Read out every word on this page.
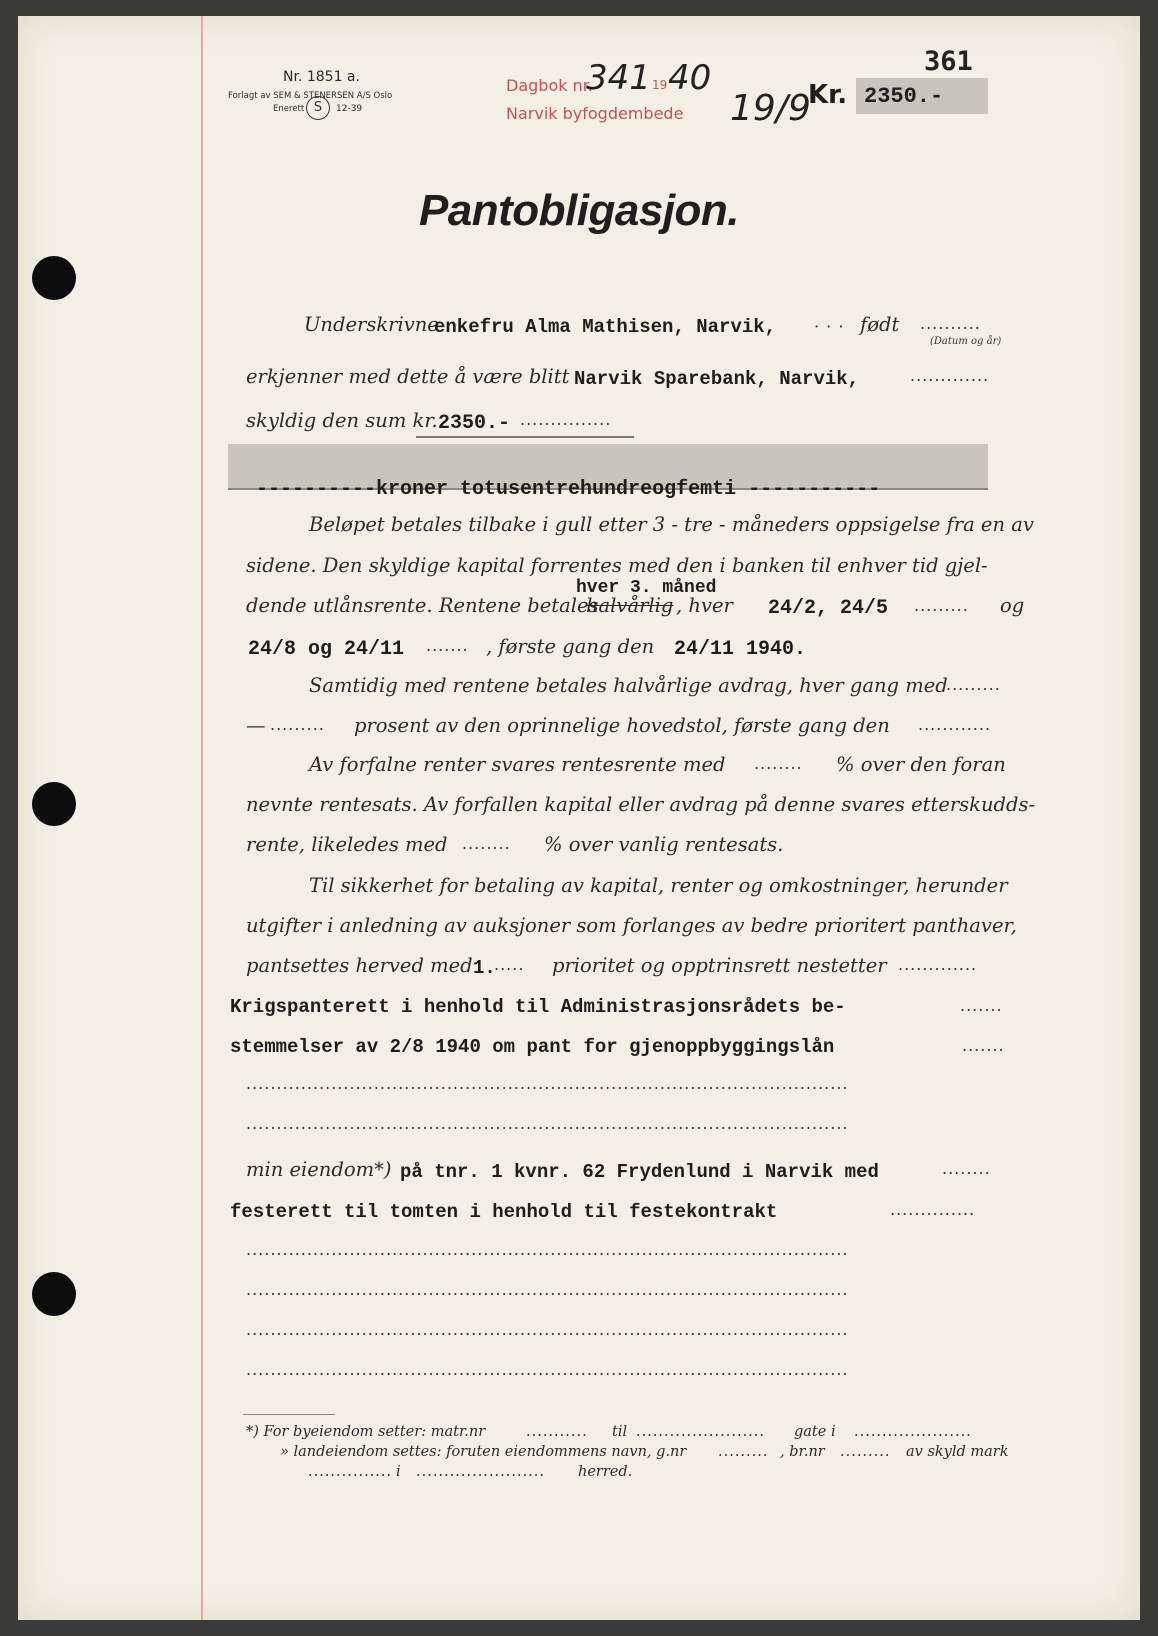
Nr. 1851 a.
Forlagt av SEM & STENERSEN A/S Oslo
Enerett S	12-39
Dagbok nr.
341 19 40
Narvik byfogdembede 19/9
Kr. 2350.-
361
Pantobligasjon.
Underskrivne
enkefru Alma Mathisen, Narvik, · · · født ..........
(Datum og år)
erkjenner med dette å være blitt Narvik Sparebank, Narvik,	.............
skyldig den sum kr. 2350.- ...............
----------kroner totusentrehundreogfemti -----------
Beløpet betales tilbake i gull etter 3 - tre - måneders oppsigelse fra en av
sidene. Den skyldige kapital forrentes med den i banken til enhver tid gjel-
dende utlånsrente. Rentene betales
hver 3. måned
halvårlig , hver 24/2, 24/5 ......... og
24/8 og 24/11 ....... , første gang den 24/11 1940.
Samtidig med rentene betales halvårlige avdrag, hver gang med
.........
— ......... prosent av den oprinnelige hovedstol, første gang den ............
Av forfalne renter svares rentesrente med ........ % over den foran
nevnte rentesats. Av forfallen kapital eller avdrag på denne svares etterskudds-
rente, likeledes med ........ % over vanlig rentesats.
Til sikkerhet for betaling av kapital, renter og omkostninger, herunder
utgifter i anledning av auksjoner som forlanges av bedre prioritert panthaver,
pantsettes herved med 1.
..... prioritet og opptrinsrett nestetter .............
Krigspanterett i henhold til Administrasjonsrådets be-	.......
stemmelser av 2/8 1940 om pant for gjenoppbyggingslån	.......
...................................................................................................
...................................................................................................
min eiendom*) på tnr. 1 kvnr. 62 Frydenlund i Narvik med	........
festerett til tomten i henhold til festekontrakt	..............
...................................................................................................
...................................................................................................
...................................................................................................
...................................................................................................
*) For byeiendom setter: matr.nr	........... til ....................... gate i .....................
» landeiendom settes: foruten eiendommens navn, g.nr ......... , br.nr ......... av skyld mark
............... i ....................... herred.
